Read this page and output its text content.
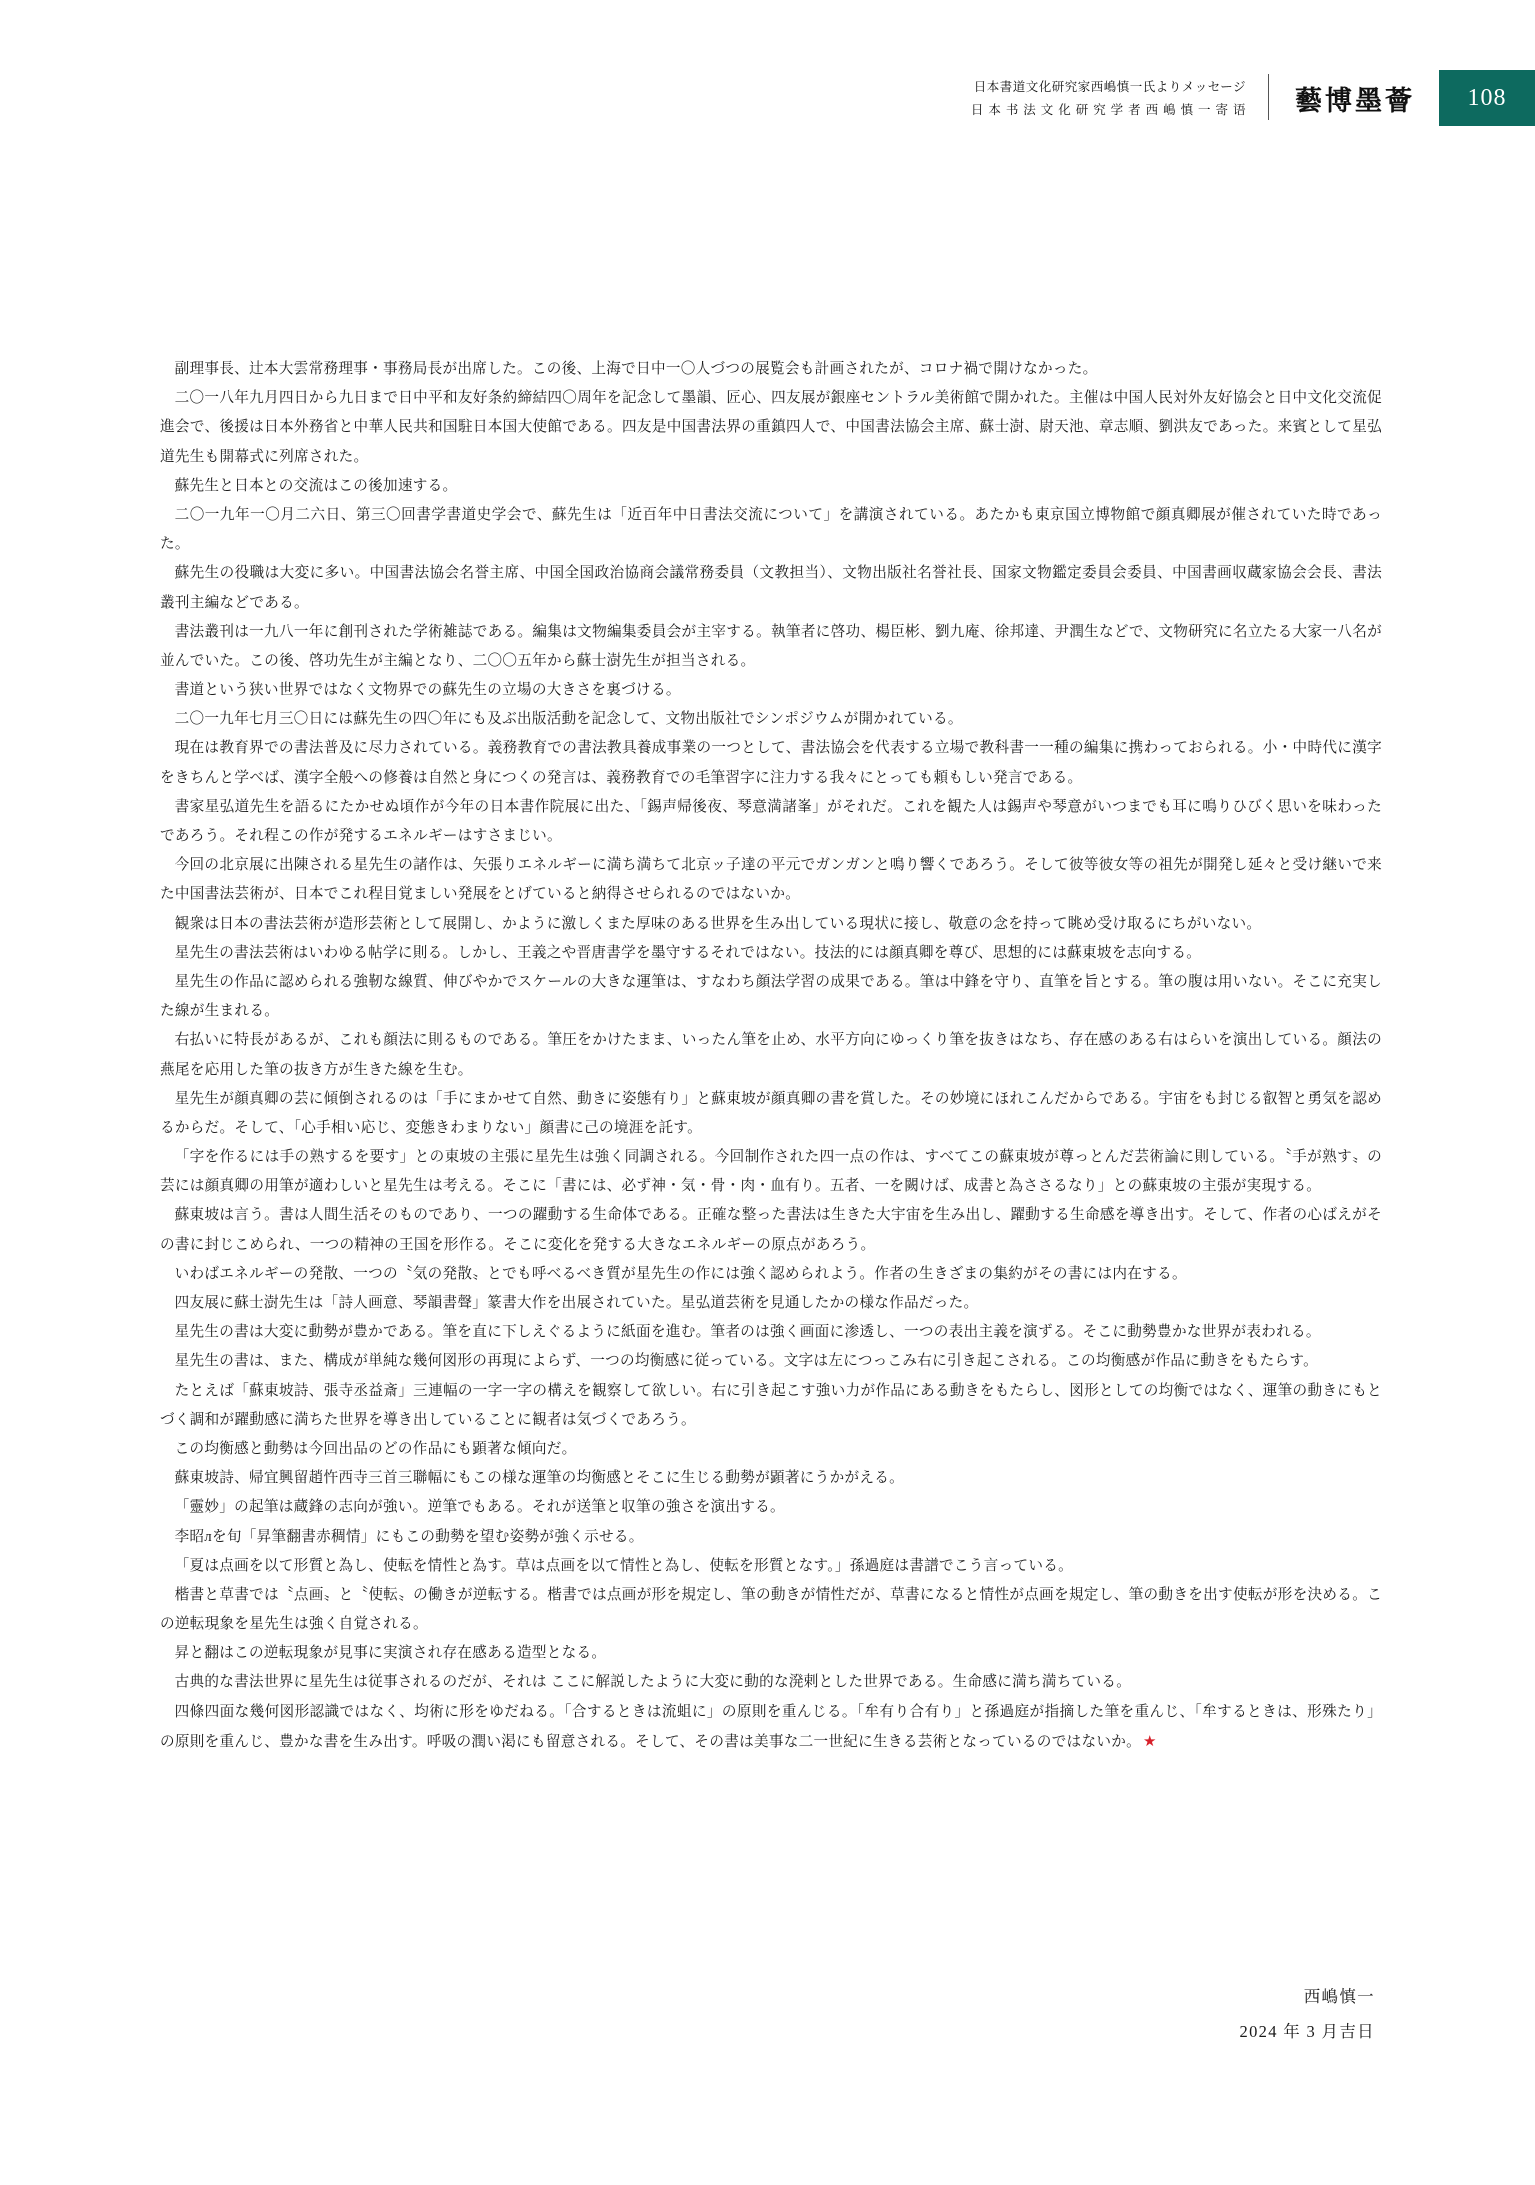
日本書道文化研究家西嶋慎一氏よりメッセージ
日 本 书 法 文 化 研 究 学 者 西 嶋 慎 一 寄 语	藝博墨薈	108

副理事長、辻本大雲常務理事・事務局長が出席した。この後、上海で日中一〇人づつの展覧会も計画されたが、コロナ禍で開けなかった。

二〇一八年九月四日から九日まで日中平和友好条約締結四〇周年を記念して墨韻、匠心、四友展が銀座セントラル美術館で開かれた。主催は中国人民対外友好協会と日中文化交流促進会で、後援は日本外務省と中華人民共和国駐日本国大使館である。四友是中国書法界の重鎮四人で、中国書法協会主席、蘇士澍、尉天池、章志順、劉洪友であった。来賓として星弘道先生も開幕式に列席された。

蘇先生と日本との交流はこの後加速する。

二〇一九年一〇月二六日、第三〇回書学書道史学会で、蘇先生は「近百年中日書法交流について」を講演されている。あたかも東京国立博物館で顔真卿展が催されていた時であった。

蘇先生の役職は大変に多い。中国書法協会名誉主席、中国全国政治協商会議常務委員（文教担当）、文物出版社名誉社長、国家文物鑑定委員会委員、中国書画収蔵家協会会長、書法叢刊主編などである。

書法叢刊は一九八一年に創刊された学術雑誌である。編集は文物編集委員会が主宰する。執筆者に啓功、楊臣彬、劉九庵、徐邦達、尹潤生などで、文物研究に名立たる大家一八名が並んでいた。この後、啓功先生が主編となり、二〇〇五年から蘇士澍先生が担当される。

書道という狭い世界ではなく文物界での蘇先生の立場の大きさを裏づける。

二〇一九年七月三〇日には蘇先生の四〇年にも及ぶ出版活動を記念して、文物出版社でシンポジウムが開かれている。

現在は教育界での書法普及に尽力されている。義務教育での書法教具養成事業の一つとして、書法協会を代表する立場で教科書一一種の編集に携わっておられる。小・中時代に漢字をきちんと学べば、漢字全般への修養は自然と身につくの発言は、義務教育での毛筆習字に注力する我々にとっても頼もしい発言である。

書家星弘道先生を語るにたかせぬ頃作が今年の日本書作院展に出た、「錫声帰後夜、琴意満諸峯」がそれだ。これを観た人は錫声や琴意がいつまでも耳に鳴りひびく思いを味わったであろう。それ程この作が発するエネルギーはすさまじい。

今回の北京展に出陳される星先生の諸作は、矢張りエネルギーに満ち満ちて北京ッ子達の平元でガンガンと鳴り響くであろう。そして彼等彼女等の祖先が開発し延々と受け継いで来た中国書法芸術が、日本でこれ程目覚ましい発展をとげていると納得させられるのではないか。

観衆は日本の書法芸術が造形芸術として展開し、かように激しくまた厚味のある世界を生み出している現状に接し、敬意の念を持って眺め受け取るにちがいない。

星先生の書法芸術はいわゆる帖学に則る。しかし、王義之や晋唐書学を墨守するそれではない。技法的には顔真卿を尊び、思想的には蘇東坡を志向する。

星先生の作品に認められる強靭な線質、伸びやかでスケールの大きな運筆は、すなわち顔法学習の成果である。筆は中鋒を守り、直筆を旨とする。筆の腹は用いない。そこに充実した線が生まれる。

右払いに特長があるが、これも顔法に則るものである。筆圧をかけたまま、いったん筆を止め、水平方向にゆっくり筆を抜きはなち、存在感のある右はらいを演出している。顔法の燕尾を応用した筆の抜き方が生きた線を生む。

星先生が顔真卿の芸に傾倒されるのは「手にまかせて自然、動きに姿態有り」と蘇東坡が顔真卿の書を賞した。その妙境にほれこんだからである。宇宙をも封じる叡智と勇気を認めるからだ。そして、「心手相い応じ、変態きわまりない」顔書に己の境涯を託す。

「字を作るには手の熟するを要す」との東坡の主張に星先生は強く同調される。今回制作された四一点の作は、すべてこの蘇東坡が尊っとんだ芸術論に則している。〝手が熟す〟の芸には顔真卿の用筆が適わしいと星先生は考える。そこに「書には、必ず神・気・骨・肉・血有り。五者、一を闕けば、成書と為ささるなり」との蘇東坡の主張が実現する。

蘇東坡は言う。書は人間生活そのものであり、一つの躍動する生命体である。正確な整った書法は生きた大宇宙を生み出し、躍動する生命感を導き出す。そして、作者の心ばえがその書に封じこめられ、一つの精神の王国を形作る。そこに変化を発する大きなエネルギーの原点があろう。

いわばエネルギーの発散、一つの〝気の発散〟とでも呼べるべき質が星先生の作には強く認められよう。作者の生きざまの集約がその書には内在する。

四友展に蘇士澍先生は「詩人画意、琴韻書聲」篆書大作を出展されていた。星弘道芸術を見通したかの様な作品だった。

星先生の書は大変に動勢が豊かである。筆を直に下しえぐるように紙面を進む。筆者のは強く画面に渗透し、一つの表出主義を演ずる。そこに動勢豊かな世界が表われる。

星先生の書は、また、構成が単純な幾何図形の再現によらず、一つの均衡感に従っている。文字は左につっこみ右に引き起こされる。この均衡感が作品に動きをもたらす。

たとえば「蘇東坡詩、張寺丞益斎」三連幅の一字一字の構えを観察して欲しい。右に引き起こす強い力が作品にある動きをもたらし、図形としての均衡ではなく、運筆の動きにもとづく調和が躍動感に満ちた世界を導き出していることに観者は気づくであろう。

この均衡感と動勢は今回出品のどの作品にも顕著な傾向だ。

蘇東坡詩、帰宜興留趙忤西寺三首三聯幅にもこの様な運筆の均衡感とそこに生じる動勢が顕著にうかがえる。

「靈妙」の起筆は蔵鋒の志向が強い。逆筆でもある。それが送筆と収筆の強さを演出する。

李昭лを旬「昇筆翻書赤稠情」にもこの動勢を望む姿勢が強く示せる。

「夏は点画を以て形質と為し、使転を情性と為す。草は点画を以て情性と為し、使転を形質となす。」孫過庭は書譜でこう言っている。

楷書と草書では〝点画〟と〝使転〟の働きが逆転する。楷書では点画が形を規定し、筆の動きが情性だが、草書になると情性が点画を規定し、筆の動きを出す使転が形を決める。この逆転現象を星先生は強く自覚される。

昇と翻はこの逆転現象が見事に実演され存在感ある造型となる。

古典的な書法世界に星先生は従事されるのだが、それは ここに解説したように大変に動的な溌剌とした世界である。生命感に満ち満ちている。

四條四面な幾何図形認識ではなく、均術に形をゆだねる。「合するときは流蛆に」の原則を重んじる。「牟有り合有り」と孫過庭が指摘した筆を重んじ、「牟するときは、形殊たり」の原則を重んじ、豊かな書を生み出す。呼吸の潤い渇にも留意される。そして、その書は美事な二一世紀に生きる芸術となっているのではないか。 ★

西嶋慎一
2024 年 3 月吉日
